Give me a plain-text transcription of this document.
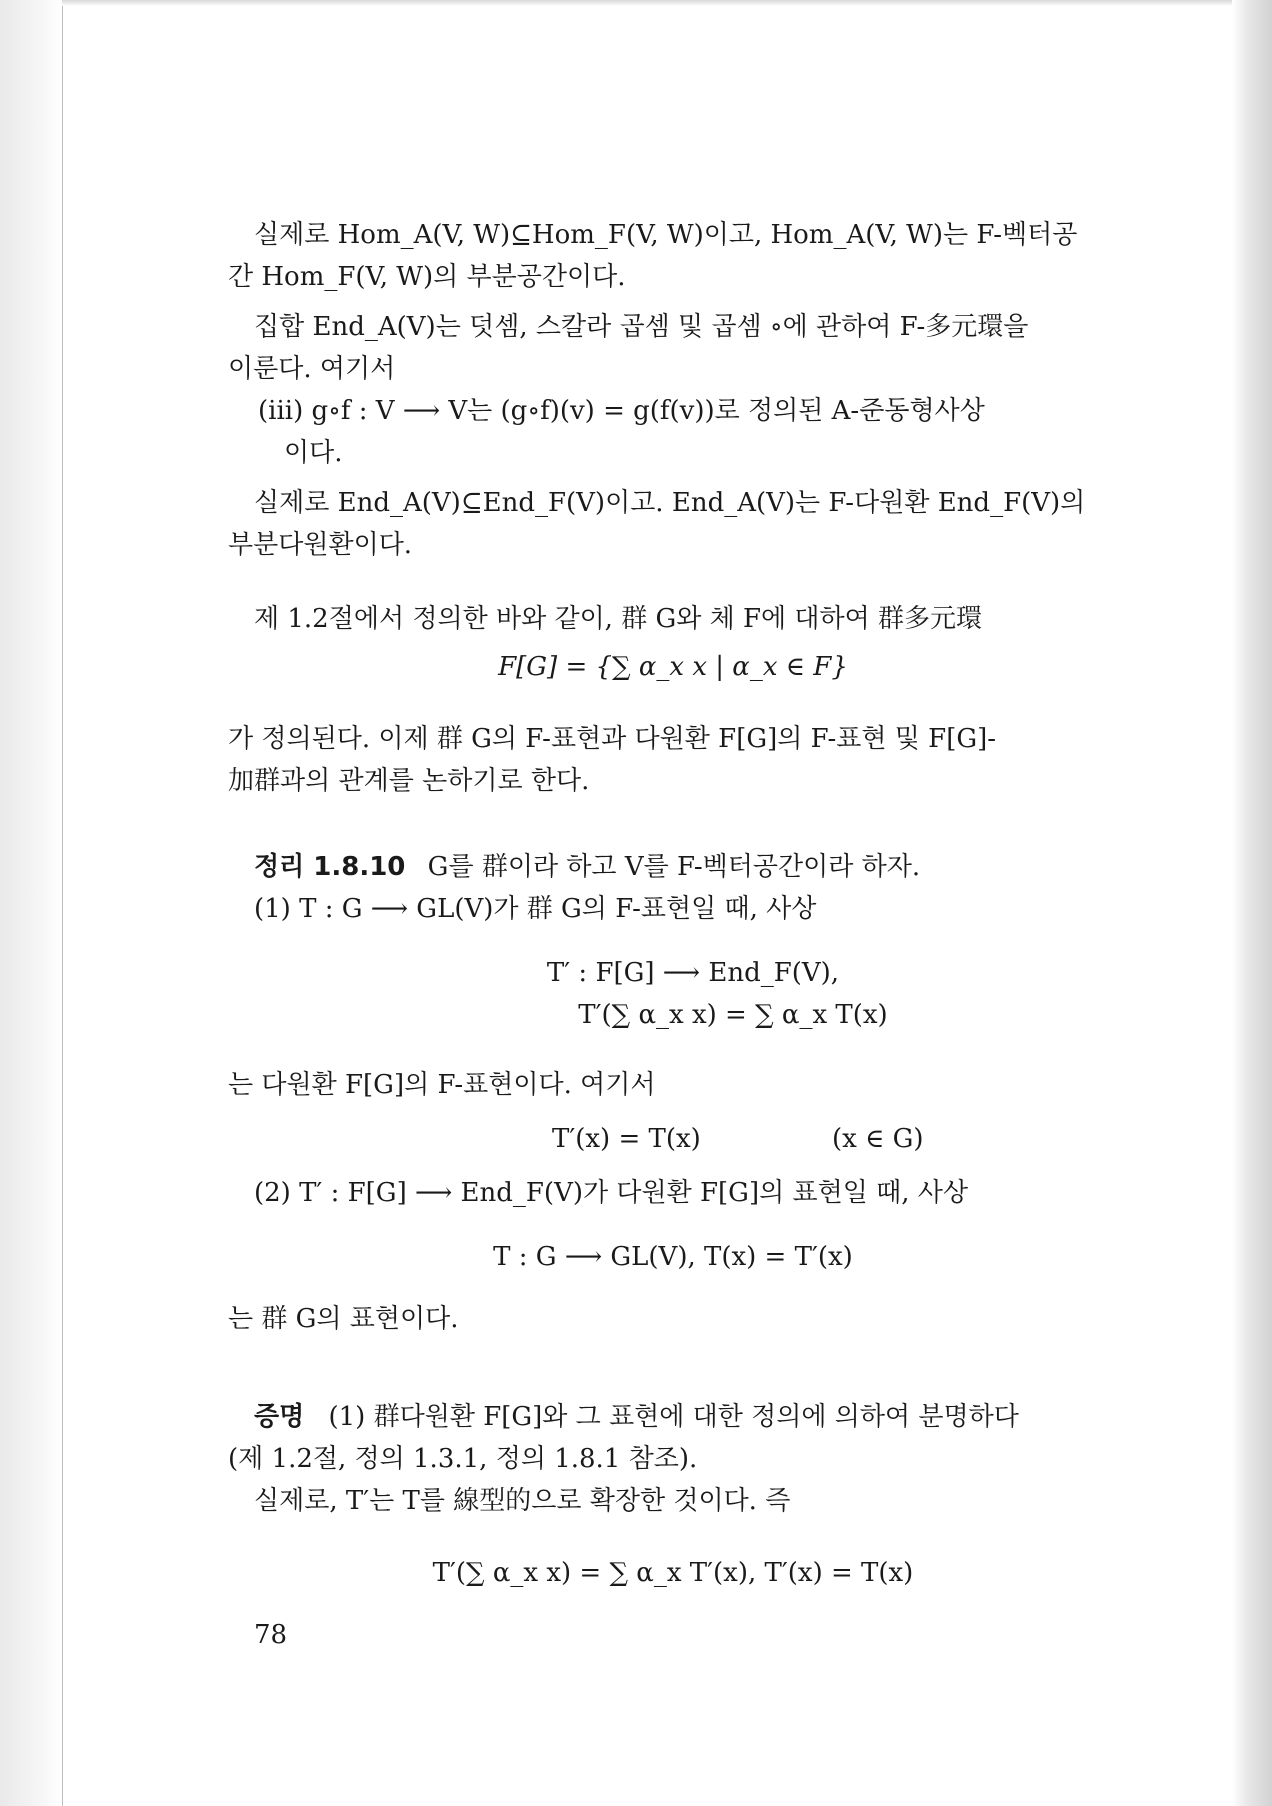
실제로 Hom_A(V, W)⊆Hom_F(V, W)이고, Hom_A(V, W)는 F-벡터공
간 Hom_F(V, W)의 부분공간이다.
집합 End_A(V)는 덧셈, 스칼라 곱셈 및 곱셈 ∘에 관하여 F-多元環을
이룬다. 여기서
(iii) g∘f : V ⟶ V는 (g∘f)(v) = g(f(v))로 정의된 A-준동형사상
이다.
실제로 End_A(V)⊆End_F(V)이고. End_A(V)는 F-다원환 End_F(V)의
부분다원환이다.
제 1.2절에서 정의한 바와 같이, 群 G와 체 F에 대하여 群多元環
F[G] = {∑ α_x x | α_x ∈ F}
가 정의된다. 이제 群 G의 F-표현과 다원환 F[G]의 F-표현 및 F[G]-
加群과의 관계를 논하기로 한다.
정리 1.8.10 G를 群이라 하고 V를 F-벡터공간이라 하자.
(1) T : G ⟶ GL(V)가 群 G의 F-표현일 때, 사상
T′ : F[G] ⟶ End_F(V),
T′(∑ α_x x) = ∑ α_x T(x)
는 다원환 F[G]의 F-표현이다. 여기서
T′(x) = T(x)	(x ∈ G)
(2) T′ : F[G] ⟶ End_F(V)가 다원환 F[G]의 표현일 때, 사상
T : G ⟶ GL(V), T(x) = T′(x)
는 群 G의 표현이다.
증명 (1) 群다원환 F[G]와 그 표현에 대한 정의에 의하여 분명하다
(제 1.2절, 정의 1.3.1, 정의 1.8.1 참조).
실제로, T′는 T를 線型的으로 확장한 것이다. 즉
T′(∑ α_x x) = ∑ α_x T′(x), T′(x) = T(x)
78
